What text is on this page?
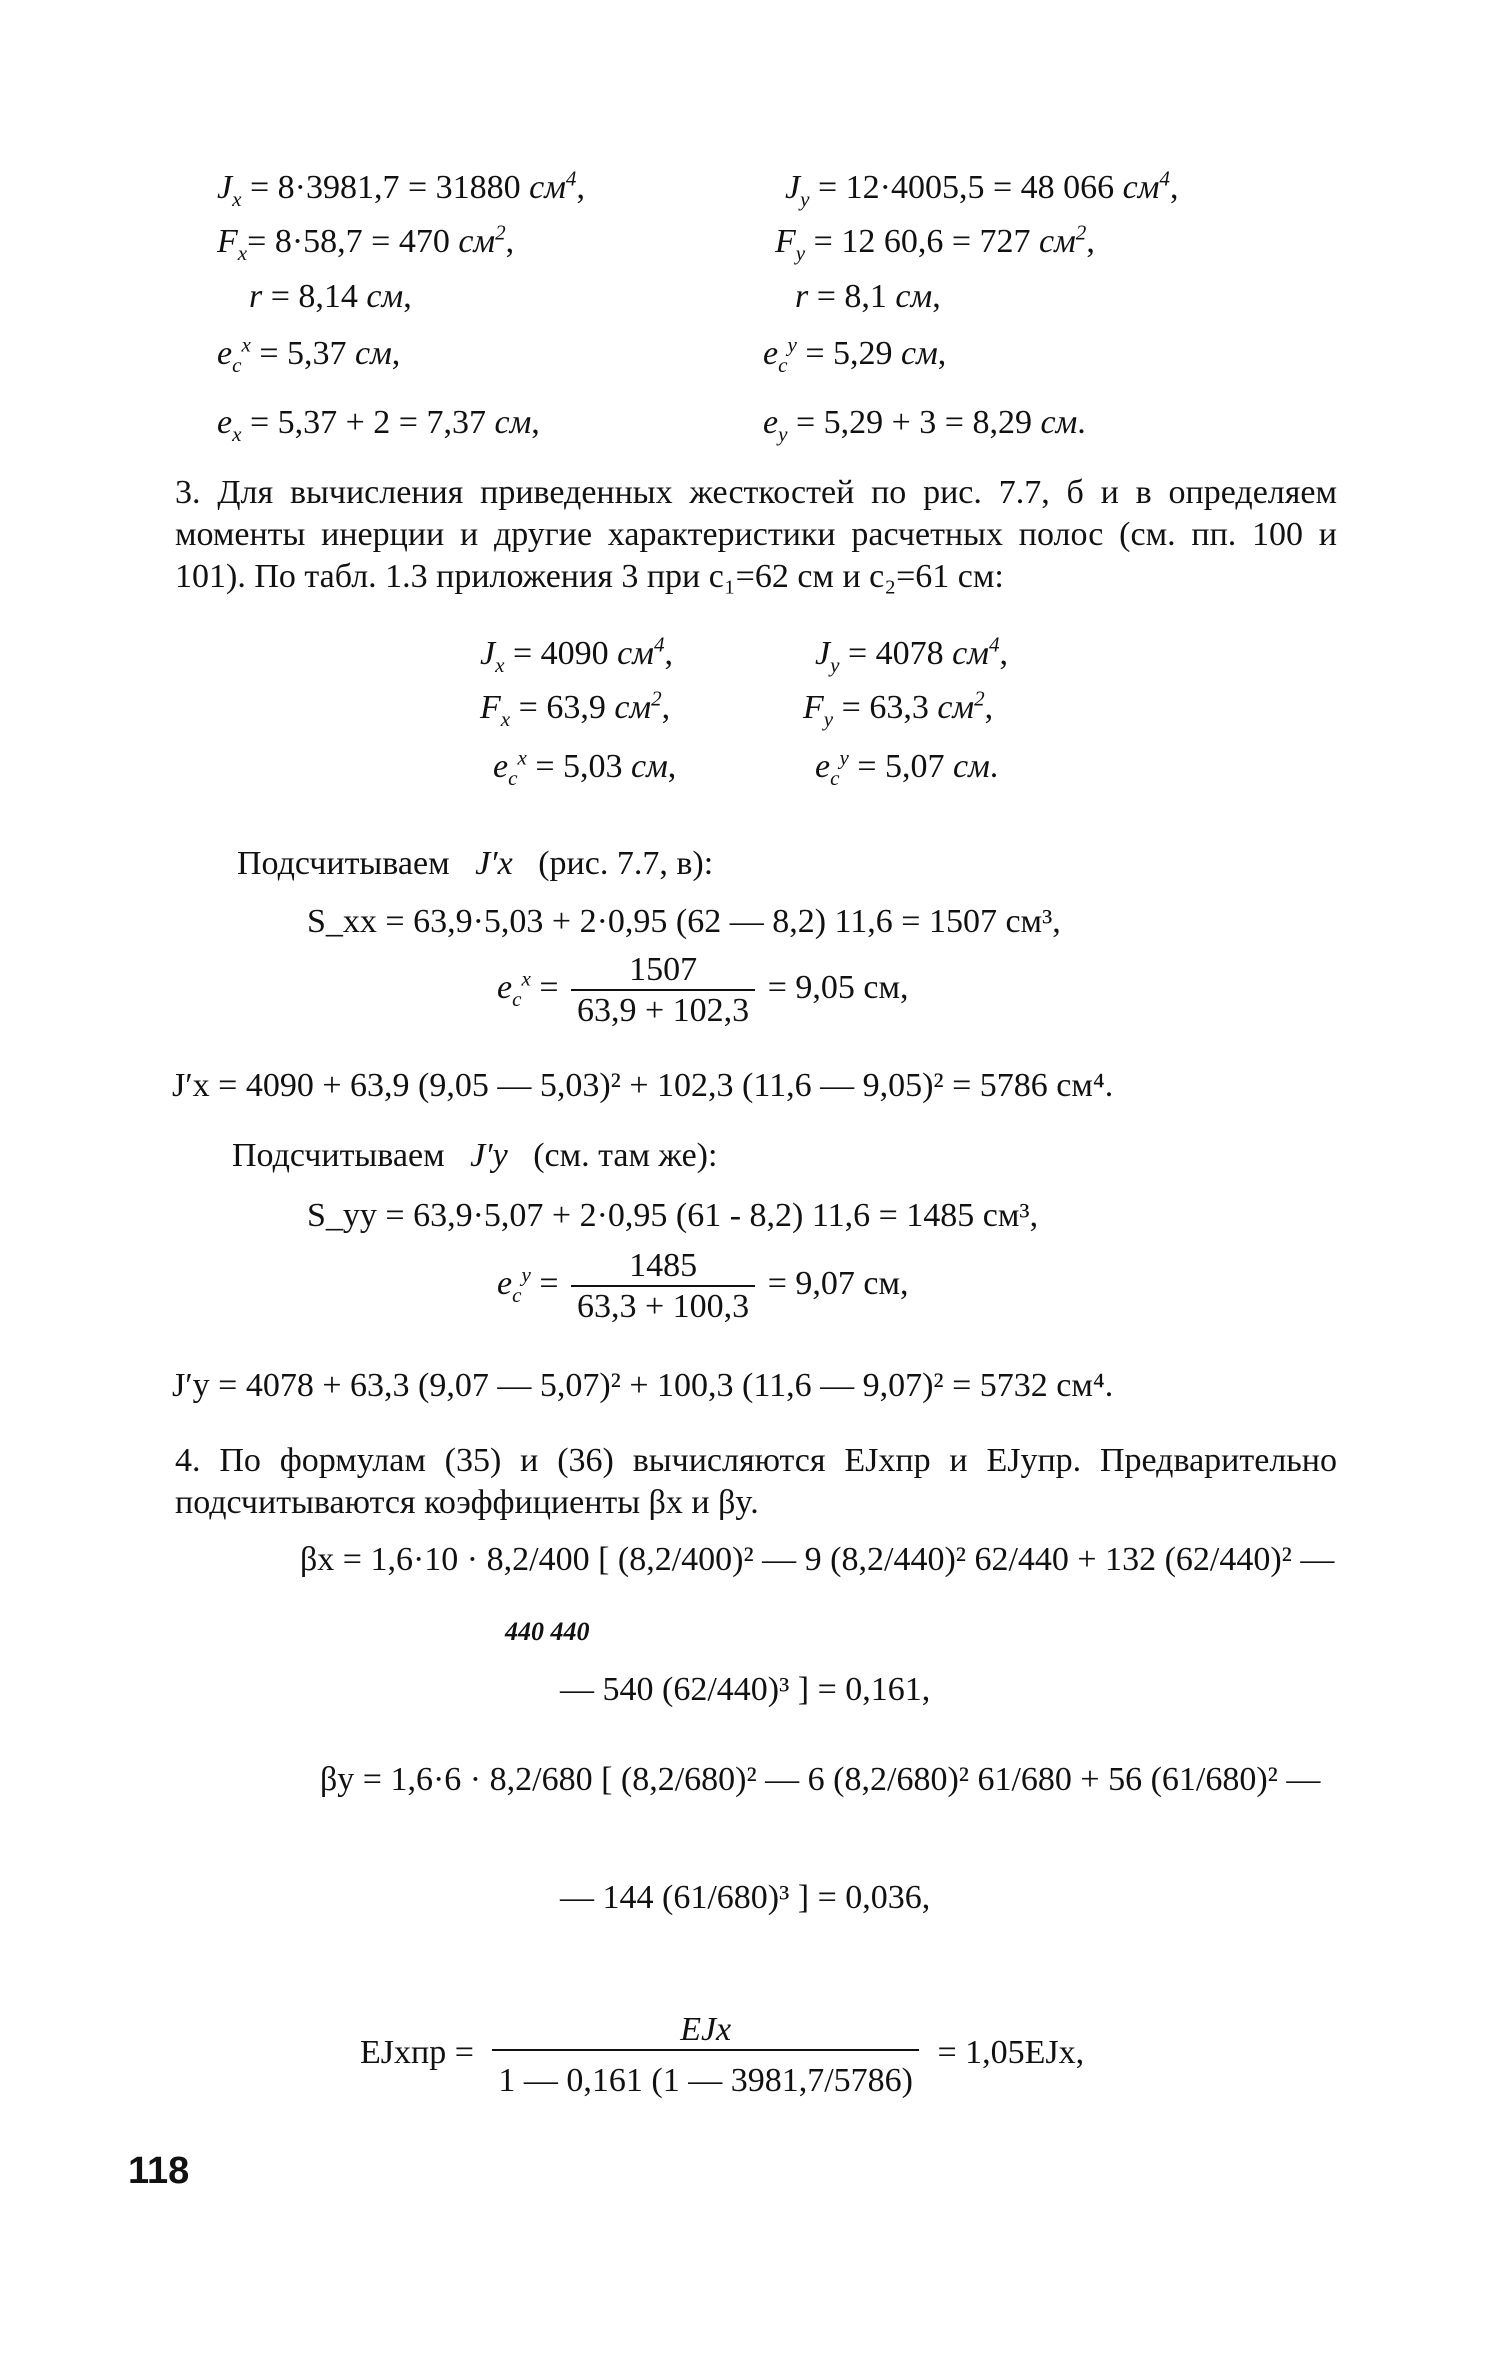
$J_x = 8\cdot 3981,7 = 31880$ $см^4$,
$F_x= 8\cdot 58,7 = 470$ $см^2$,
r = 8,14 см,
$e_c^x = 5,37$ см,
$e_x = 5,37 + 2 = 7,37$ см,
$J_y = 12\cdot 4005,5 = 48$ 066 $см^4$,
$F_y = 12$ 60,6 = 727 $см^2$,
r = 8,1 см,
$e_c^y = 5,29$ см,
$e_y = 5,29 + 3 = 8,29$ см.
3. Для вычисления приведенных жесткостей по рис. 7.7, б и в определяем моменты инерции и другие характеристики расчетных полос (см. пп. 100 и 101). По табл. 1.3 приложения 3 при c₁=62 см и c₂=61 см:
$J_x = 4090$ $см^4$,
$F_x = 63,9$ $см^2$,
$e_c^x = 5,03$ см,
$J_y = 4078$ $см^4$,
$F_y = 63,3$ $см^2$,
$e_c^y = 5,07$ см.
Подсчитываем J′x (рис. 7.7, в):
S_xx = 63,9·5,03 + 2·0,95 (62 — 8,2) 11,6 = 1507 см³,
$e_c^x = \frac{1507}{63,9 + 102,3} = 9,05$ см,
J′x = 4090 + 63,9 (9,05 — 5,03)² + 102,3 (11,6 — 9,05)² = 5786 см⁴.
Подсчитываем J′y (см. там же):
S_yy = 63,9·5,07 + 2·0,95 (61 - 8,2) 11,6 = 1485 см³,
$e_c^y = \frac{1485}{63,3 + 100,3} = 9,07$ см,
J′y = 4078 + 63,3 (9,07 — 5,07)² + 100,3 (11,6 — 9,07)² = 5732 см⁴.
4. По формулам (35) и (36) вычисляются EJxпр и EJyпр. Предварительно подсчитываются коэффициенты βx и βy.
βx = 1,6·10 · 8,2/400 [ (8,2/400)² — 9 (8,2/440)² 62/440 + 132 (62/440)² —
440 440
— 540 (62/440)³ ] = 0,161,
βy = 1,6·6 · 8,2/680 [ (8,2/680)² — 6 (8,2/680)² 61/680 + 56 (61/680)² —
— 144 (61/680)³ ] = 0,036,
EJxпр =
EJx
1 — 0,161 (1 — 3981,7/5786)
= 1,05EJx,
118
